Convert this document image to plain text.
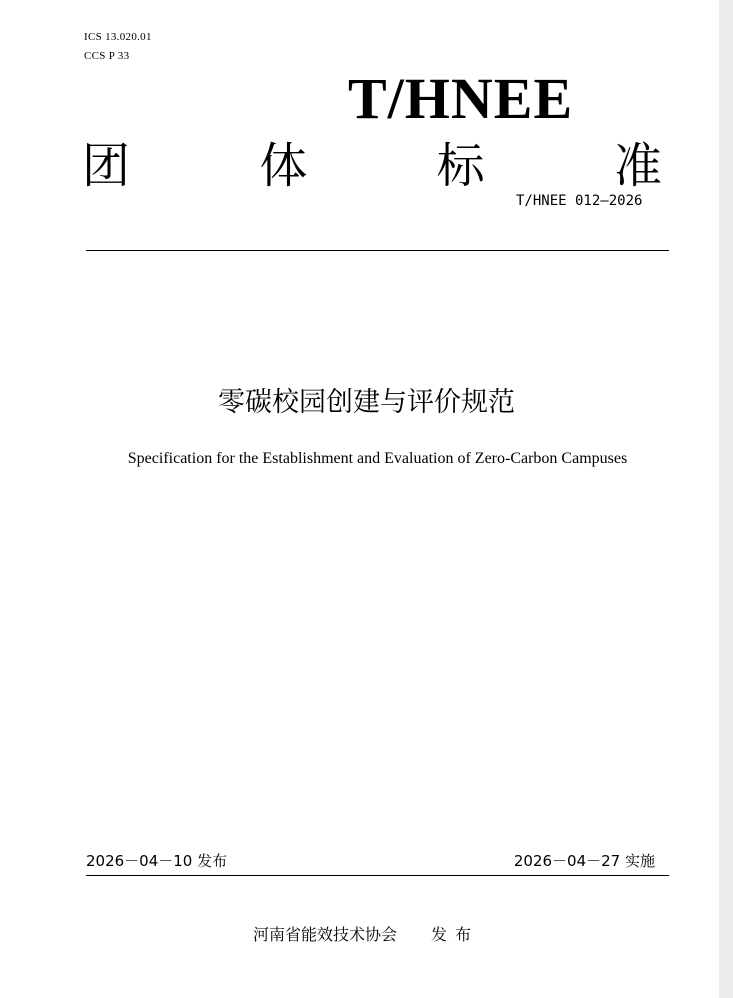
ICS 13.020.01
CCS P 33
T/HNEE
团	体	标	准
T/HNEE 012—2026
零碳校园创建与评价规范
Specification for the Establishment and Evaluation of Zero-Carbon Campuses
2026－04－10 发布	2026－04－27 实施
河南省能效技术协会 发布
